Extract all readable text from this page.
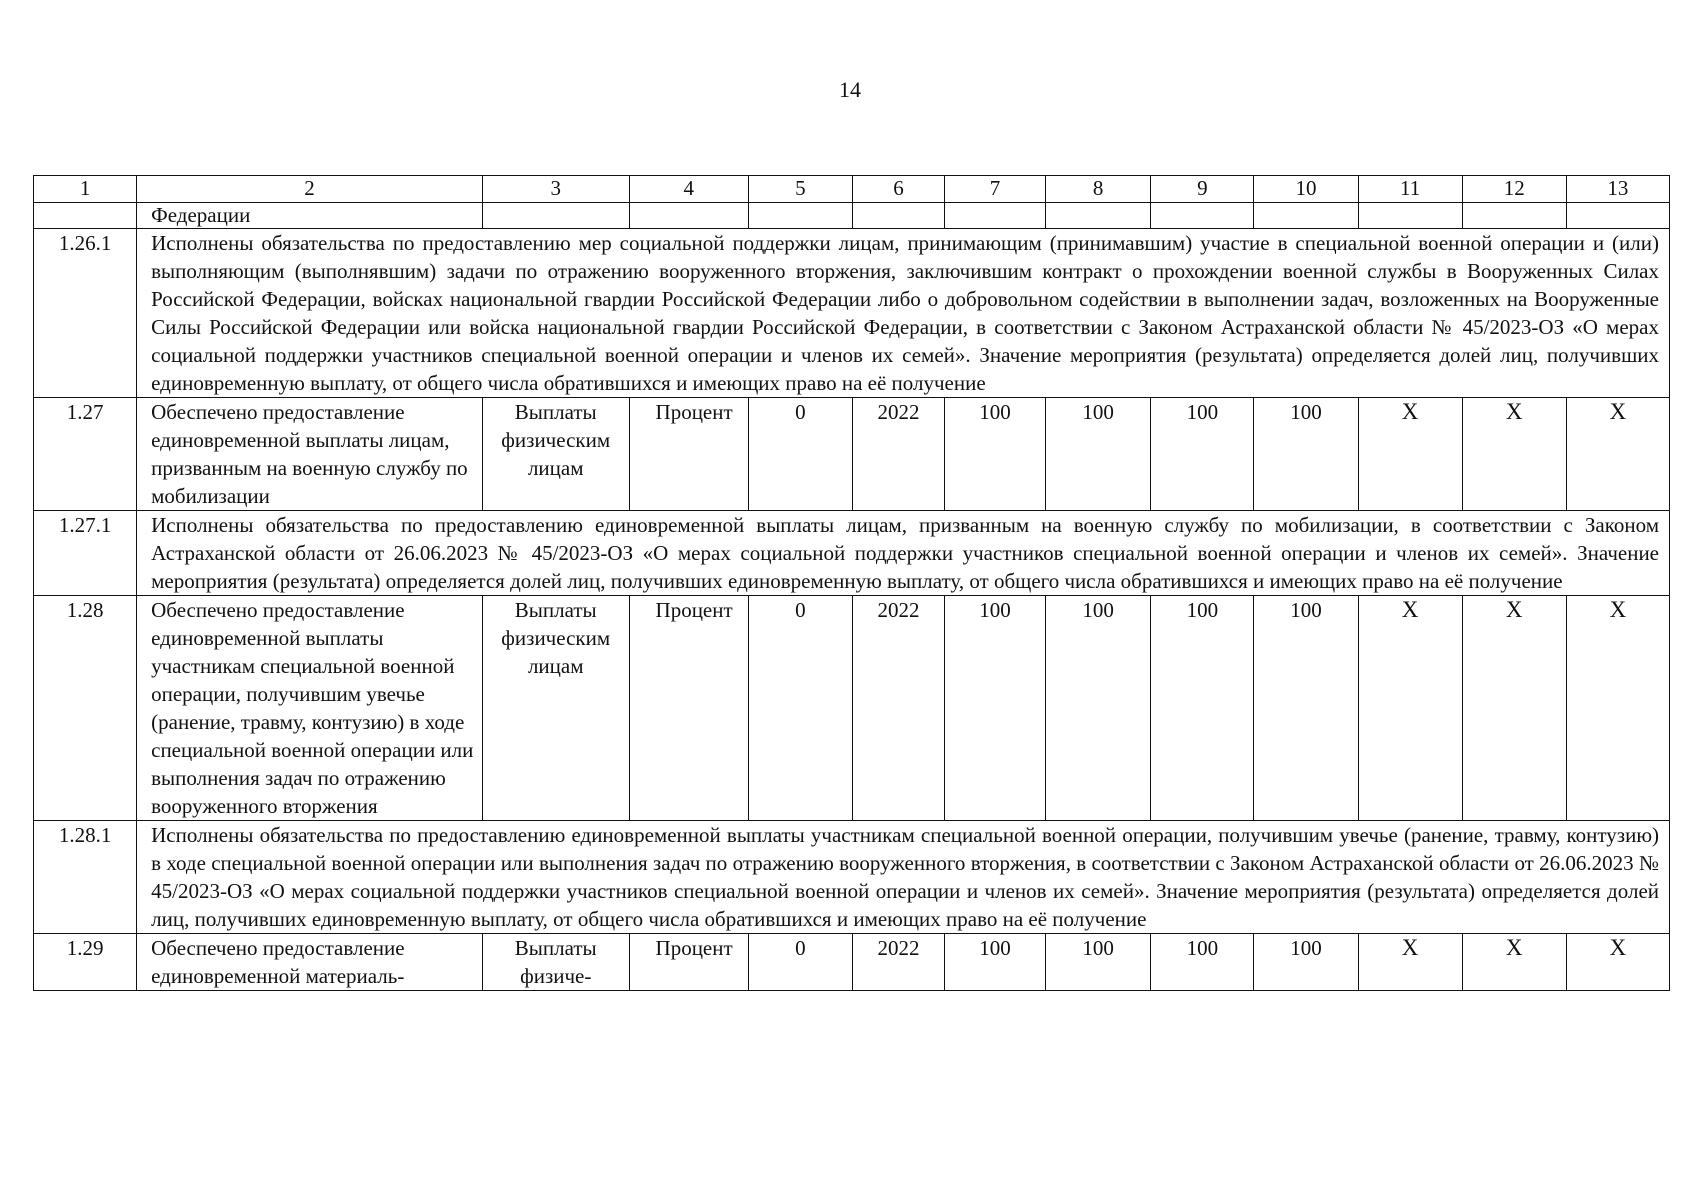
14
1	2	3	4	5	6	7	8	9	10	11	12	13
	Федерации											
1.26.1	Исполнены обязательства по предоставлению мер социальной поддержки лицам, принимающим (принимавшим) участие в специальной военной операции и (или) выполняющим (выполнявшим) задачи по отражению вооруженного вторжения, заключившим контракт о прохождении военной службы в Вооруженных Силах Российской Федерации, войсках национальной гвардии Российской Федерации либо о добровольном содействии в выполнении задач, возложенных на Вооруженные Силы Российской Федерации или войска национальной гвардии Российской Федерации, в соответствии с Законом Астраханской области № 45/2023-ОЗ «О мерах социальной поддержки участников специальной военной операции и членов их семей». Значение мероприятия (результата) определяется долей лиц, получивших единовременную выплату, от общего числа обратившихся и имеющих право на её получение											
1.27	Обеспечено предоставление единовременной выплаты лицам, призванным на военную службу по мобилизации	Выплаты физическим лицам	Процент	0	2022	100	100	100	100	X	X	X
1.27.1	Исполнены обязательства по предоставлению единовременной выплаты лицам, призванным на военную службу по мобилизации, в соответствии с Законом Астраханской области от 26.06.2023 № 45/2023-ОЗ «О мерах социальной поддержки участников специальной военной операции и членов их семей». Значение мероприятия (результата) определяется долей лиц, получивших единовременную выплату, от общего числа обратившихся и имеющих право на её получение											
1.28	Обеспечено предоставление единовременной выплаты участникам специальной военной операции, получившим увечье (ранение, травму, контузию) в ходе специальной военной операции или выполнения задач по отражению вооруженного вторжения	Выплаты физическим лицам	Процент	0	2022	100	100	100	100	X	X	X
1.28.1	Исполнены обязательства по предоставлению единовременной выплаты участникам специальной военной операции, получившим увечье (ранение, травму, контузию) в ходе специальной военной операции или выполнения задач по отражению вооруженного вторжения, в соответствии с Законом Астраханской области от 26.06.2023 № 45/2023-ОЗ «О мерах социальной поддержки участников специальной военной операции и членов их семей». Значение мероприятия (результата) определяется долей лиц, получивших единовременную выплату, от общего числа обратившихся и имеющих право на её получение											
1.29	Обеспечено предоставление единовременной материаль-	Выплаты физиче-	Процент	0	2022	100	100	100	100	X	X	X
